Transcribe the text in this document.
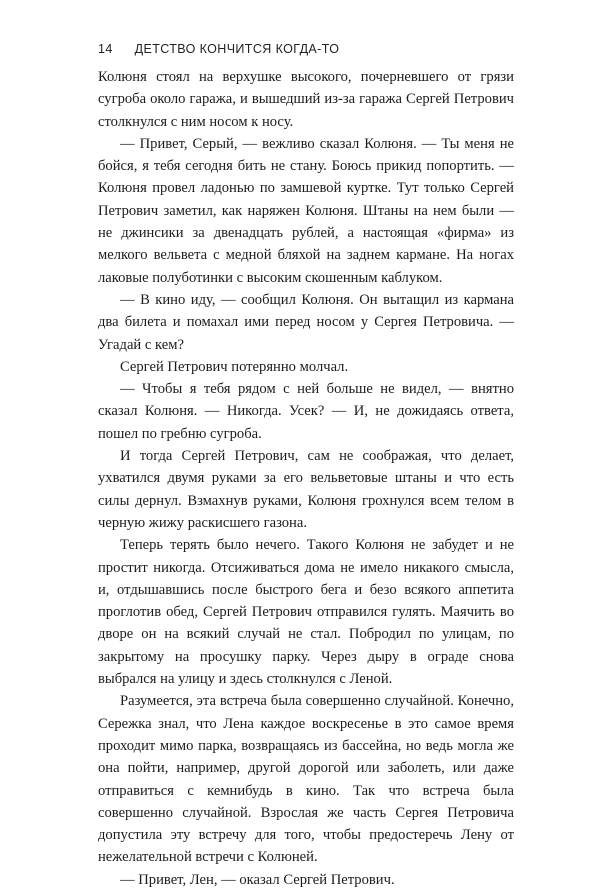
14 ДЕТСТВО КОНЧИТСЯ КОГДА-ТО

Колюня стоял на верхушке высокого, почерневшего от грязи сугроба около гаража, и вышедший из-за гаража Сергей Петрович столкнулся с ним носом к носу.

— Привет, Серый, — вежливо сказал Колюня. — Ты меня не бойся, я тебя сегодня бить не стану. Боюсь прикид попортить. — Колюня провел ладонью по замшевой куртке. Тут только Сергей Петрович заметил, как наряжен Колюня. Штаны на нем были — не джинсики за двенадцать рублей, а настоящая «фирма» из мелкого вельвета с медной бляхой на заднем кармане. На ногах лаковые полуботинки с высоким скошенным каблуком.

— В кино иду, — сообщил Колюня. Он вытащил из кармана два билета и помахал ими перед носом у Сергея Петровича. — Угадай с кем?

Сергей Петрович потерянно молчал.

— Чтобы я тебя рядом с ней больше не видел, — внятно сказал Колюня. — Никогда. Усек? — И, не дожидаясь ответа, пошел по гребню сугроба.

И тогда Сергей Петрович, сам не соображая, что делает, ухватился двумя руками за его вельветовые штаны и что есть силы дернул. Взмахнув руками, Колюня грохнулся всем телом в черную жижу раскисшего газона.

Теперь терять было нечего. Такого Колюня не забудет и не простит никогда. Отсиживаться дома не имело никакого смысла, и, отдышавшись после быстрого бега и безо всякого аппетита проглотив обед, Сергей Петрович отправился гулять. Маячить во дворе он на всякий случай не стал. Побродил по улицам, по закрытому на просушку парку. Через дыру в ограде снова выбрался на улицу и здесь столкнулся с Леной.

Разумеется, эта встреча была совершенно случайной. Конечно, Сережка знал, что Лена каждое воскресенье в это самое время проходит мимо парка, возвращаясь из бассейна, но ведь могла же она пойти, например, другой дорогой или заболеть, или даже отправиться с кемнибудь в кино. Так что встреча была совершенно случайной. Взрослая же часть Сергея Петровича допустила эту встречу для того, чтобы предостеречь Лену от нежелательной встречи с Колюней.

— Привет, Лен, — оказал Сергей Петрович.
